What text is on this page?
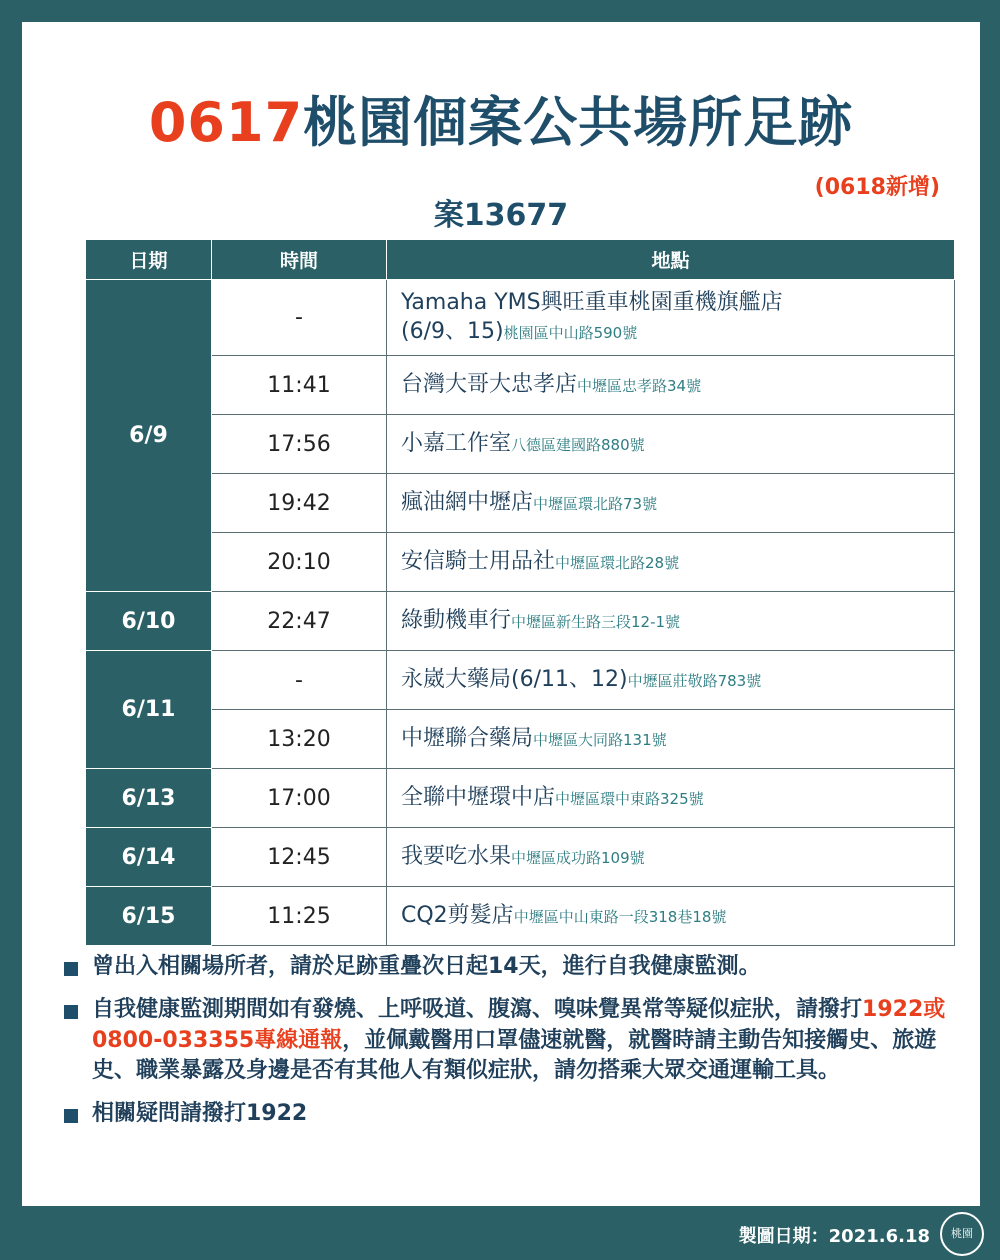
0617桃園個案公共場所足跡
(0618新增)
案13677
日期	時間	地點
6/9	-	Yamaha YMS興旺重車桃園重機旗艦店
(6/9、15)桃園區中山路590號

	11:41	台灣大哥大忠孝店中壢區忠孝路34號
	17:56	小嘉工作室八德區建國路880號
	19:42	瘋油網中壢店中壢區環北路73號
	20:10	安信騎士用品社中壢區環北路28號
6/10	22:47	綠動機車行中壢區新生路三段12-1號
6/11	-	永崴大藥局(6/11、12)中壢區莊敬路783號
	13:20	中壢聯合藥局中壢區大同路131號
6/13	17:00	全聯中壢環中店中壢區環中東路325號
6/14	12:45	我要吃水果中壢區成功路109號
6/15	11:25	CQ2剪髮店中壢區中山東路一段318巷18號
曾出入相關場所者，請於足跡重疊次日起14天，進行自我健康監測。
自我健康監測期間如有發燒、上呼吸道、腹瀉、嗅味覺異常等疑似症狀，請撥打1922或0800-033355專線通報，並佩戴醫用口罩儘速就醫，就醫時請主動告知接觸史、旅遊史、職業暴露及身邊是否有其他人有類似症狀，請勿搭乘大眾交通運輸工具。
相關疑問請撥打1922
製圖日期：2021.6.18	桃園
